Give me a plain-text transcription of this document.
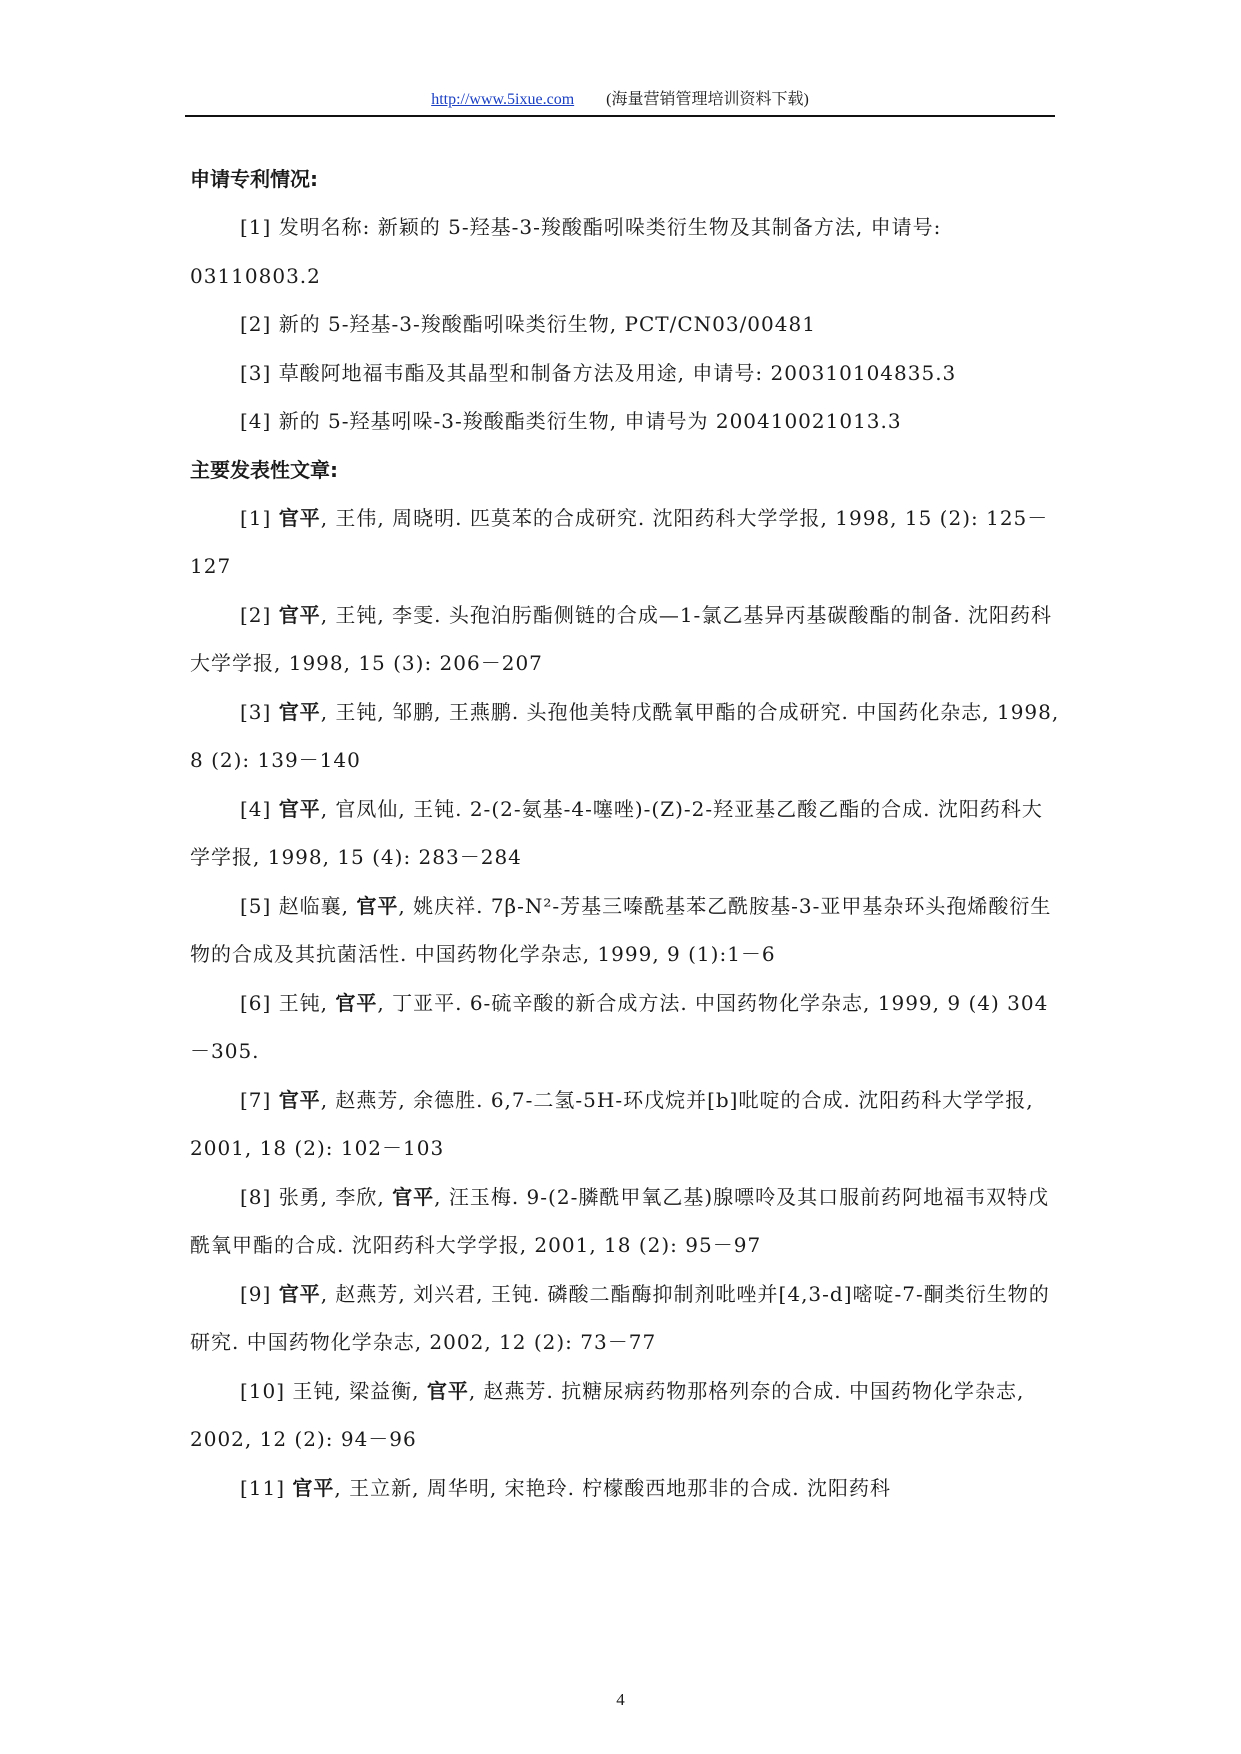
http://www.5ixue.com (海量营销管理培训资料下载)

申请专利情况:

[1] 发明名称: 新颖的 5-羟基-3-羧酸酯吲哚类衍生物及其制备方法, 申请号: 03110803.2

[2] 新的 5-羟基-3-羧酸酯吲哚类衍生物, PCT/CN03/00481

[3] 草酸阿地福韦酯及其晶型和制备方法及用途, 申请号: 200310104835.3

[4] 新的 5-羟基吲哚-3-羧酸酯类衍生物, 申请号为 200410021013.3

主要发表性文章:

[1] 官平, 王伟, 周晓明. 匹莫苯的合成研究. 沈阳药科大学学报, 1998, 15 (2): 125－127

[2] 官平, 王钝, 李雯. 头孢泊肟酯侧链的合成—1-氯乙基异丙基碳酸酯的制备. 沈阳药科大学学报, 1998, 15 (3): 206－207

[3] 官平, 王钝, 邹鹏, 王燕鹏. 头孢他美特戊酰氧甲酯的合成研究. 中国药化杂志, 1998, 8 (2): 139－140

[4] 官平, 官凤仙, 王钝. 2-(2-氨基-4-噻唑)-(Z)-2-羟亚基乙酸乙酯的合成. 沈阳药科大学学报, 1998, 15 (4): 283－284

[5] 赵临襄, 官平, 姚庆祥. 7β-N²-芳基三嗪酰基苯乙酰胺基-3-亚甲基杂环头孢烯酸衍生物的合成及其抗菌活性. 中国药物化学杂志, 1999, 9 (1):1－6

[6] 王钝, 官平, 丁亚平. 6-硫辛酸的新合成方法. 中国药物化学杂志, 1999, 9 (4) 304－305.

[7] 官平, 赵燕芳, 余德胜. 6,7-二氢-5H-环戊烷并[b]吡啶的合成. 沈阳药科大学学报, 2001, 18 (2): 102－103

[8] 张勇, 李欣, 官平, 汪玉梅. 9-(2-膦酰甲氧乙基)腺嘌呤及其口服前药阿地福韦双特戊酰氧甲酯的合成. 沈阳药科大学学报, 2001, 18 (2): 95－97

[9] 官平, 赵燕芳, 刘兴君, 王钝. 磷酸二酯酶抑制剂吡唑并[4,3-d]嘧啶-7-酮类衍生物的研究. 中国药物化学杂志, 2002, 12 (2): 73－77

[10] 王钝, 梁益衡, 官平, 赵燕芳. 抗糖尿病药物那格列奈的合成. 中国药物化学杂志, 2002, 12 (2): 94－96

[11] 官平, 王立新, 周华明, 宋艳玲. 柠檬酸西地那非的合成. 沈阳药科

4
